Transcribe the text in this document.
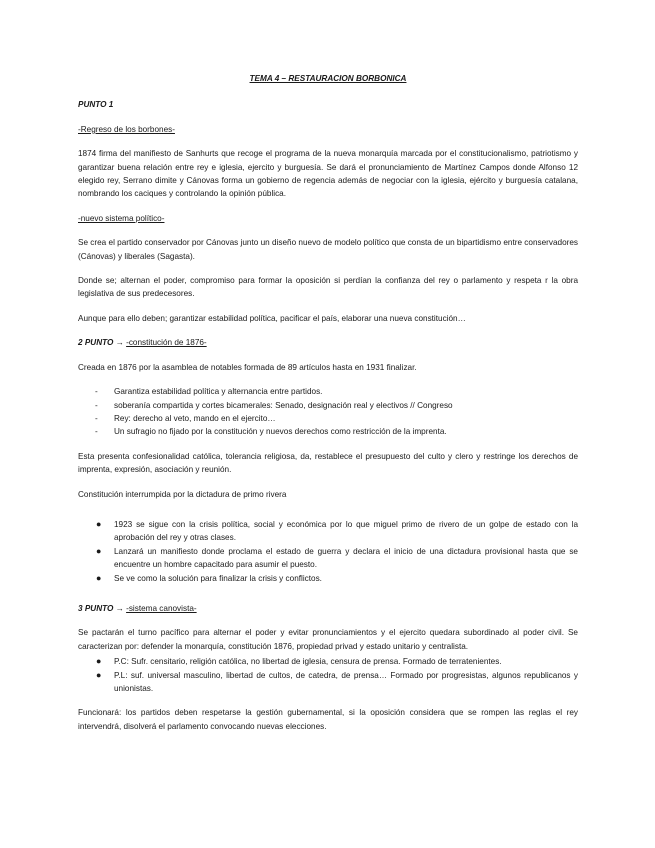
TEMA 4 – RESTAURACION BORBONICA
PUNTO 1
-Regreso de los borbones-

1874 firma del manifiesto de Sanhurts que recoge el programa de la nueva monarquía marcada por el constitucionalismo, patriotismo y garantizar buena relación entre rey e iglesia, ejercito y burguesía. Se dará el pronunciamiento de Martínez Campos donde Alfonso 12 elegido rey, Serrano dimite y Cánovas forma un gobierno de regencia además de negociar con la iglesia, ejército y burguesía catalana, nombrando los caciques y controlando la opinión pública.

-nuevo sistema político-

Se crea el partido conservador por Cánovas junto un diseño nuevo de modelo político que consta de un bipartidismo entre conservadores (Cánovas) y liberales (Sagasta).

Donde se; alternan el poder, compromiso para formar la oposición si perdían la confianza del rey o parlamento y respeta r la obra legislativa de sus predecesores.

Aunque para ello deben; garantizar estabilidad política, pacificar el país, elaborar una nueva constitución…

2 PUNTO → -constitución de 1876-

Creada en 1876 por la asamblea de notables formada de 89 artículos hasta en 1931 finalizar.

- Garantiza estabilidad política y alternancia entre partidos.
- soberanía compartida y cortes bicamerales: Senado, designación real y electivos // Congreso
- Rey: derecho al veto, mando en el ejercito…
- Un sufragio no fijado por la constitución y nuevos derechos como restricción de la imprenta.

Esta presenta confesionalidad católica, tolerancia religiosa, da, restablece el presupuesto del culto y clero y restringe los derechos de imprenta, expresión, asociación y reunión.

Constitución interrumpida por la dictadura de primo rivera

● 1923 se sigue con la crisis política, social y económica por lo que miguel primo de rivero de un golpe de estado con la aprobación del rey y otras clases.
● Lanzará un manifiesto donde proclama el estado de guerra y declara el inicio de una dictadura provisional hasta que se encuentre un hombre capacitado para asumir el puesto.
● Se ve como la solución para finalizar la crisis y conflictos.
3 PUNTO → -sistema canovista-

Se pactarán el turno pacífico para alternar el poder y evitar pronunciamientos y el ejercito quedara subordinado al poder civil. Se caracterizan por: defender la monarquía, constitución 1876, propiedad privad y estado unitario y centralista.

● P.C: Sufr. censitario, religión católica, no libertad de iglesia, censura de prensa. Formado de terratenientes.
● P.L: suf. universal masculino, libertad de cultos, de catedra, de prensa… Formado por progresistas, algunos republicanos y unionistas.

Funcionará: los partidos deben respetarse la gestión gubernamental, si la oposición considera que se rompen las reglas el rey intervendrá, disolverá el parlamento convocando nuevas elecciones.
